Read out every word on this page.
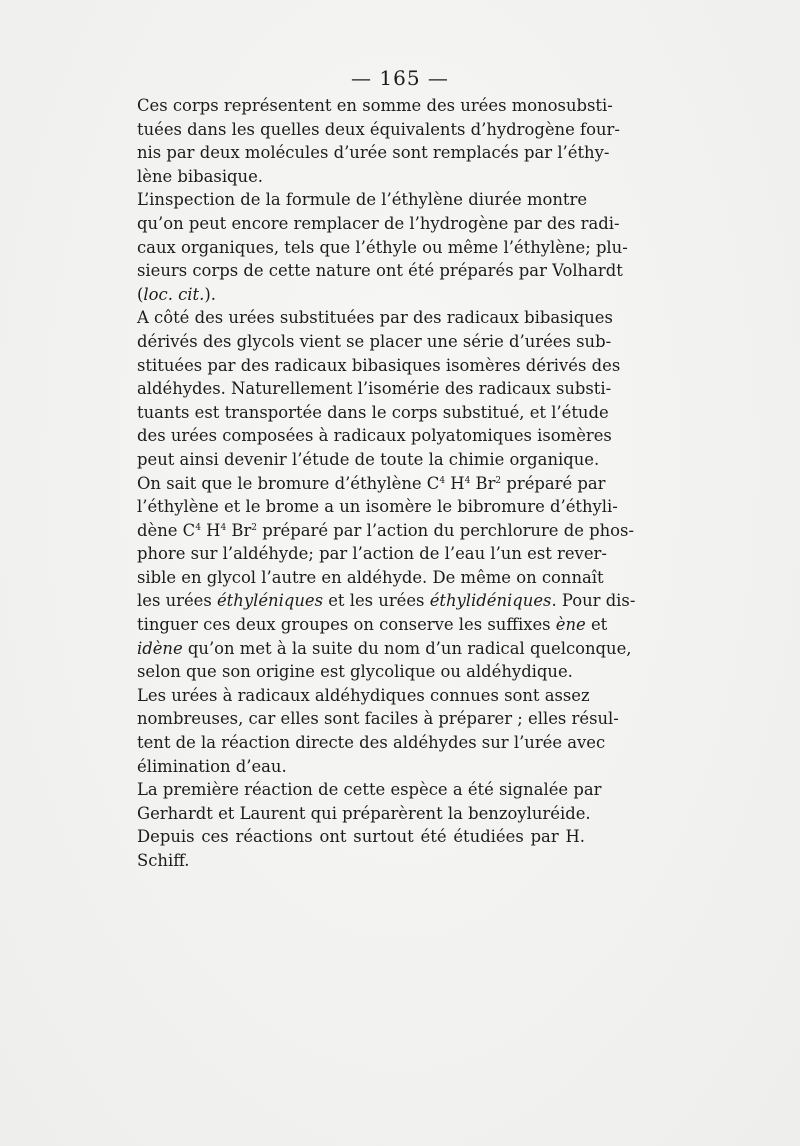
— 165 —

Ces corps représentent en somme des urées monosubsti-
tuées dans les quelles deux équivalents d’hydrogène four-
nis par deux molécules d’urée sont remplacés par l’éthy-
lène bibasique.

L’inspection de la formule de l’éthylène diurée montre
qu’on peut encore remplacer de l’hydrogène par des radi-
caux organiques, tels que l’éthyle ou même l’éthylène; plu-
sieurs corps de cette nature ont été préparés par Volhardt
(loc. cit.).

A côté des urées substituées par des radicaux bibasiques
dérivés des glycols vient se placer une série d’urées sub-
stituées par des radicaux bibasiques isomères dérivés des
aldéhydes. Naturellement l’isomérie des radicaux substi-
tuants est transportée dans le corps substitué, et l’étude
des urées composées à radicaux polyatomiques isomères
peut ainsi devenir l’étude de toute la chimie organique.

On sait que le bromure d’éthylène $C^4$ $H^4$ Br$^2$ préparé par
l’éthylène et le brome a un isomère le bibromure d’éthyli-
dène $C^4$ $H^4$ Br$^2$ préparé par l’action du perchlorure de phos-
phore sur l’aldéhyde; par l’action de l’eau l’un est rever-
sible en glycol l’autre en aldéhyde. De même on connaît
les urées éthyléniques et les urées éthylidéniques. Pour dis-
tinguer ces deux groupes on conserve les suffixes ène et
idène qu’on met à la suite du nom d’un radical quelconque,
selon que son origine est glycolique ou aldéhydique.

Les urées à radicaux aldéhydiques connues sont assez
nombreuses, car elles sont faciles à préparer ; elles résul-
tent de la réaction directe des aldéhydes sur l’urée avec
élimination d’eau.

La première réaction de cette espèce a été signalée par
Gerhardt et Laurent qui préparèrent la benzoyluréide.

Depuis ces réactions ont surtout été étudiées par H.
Schiff.
